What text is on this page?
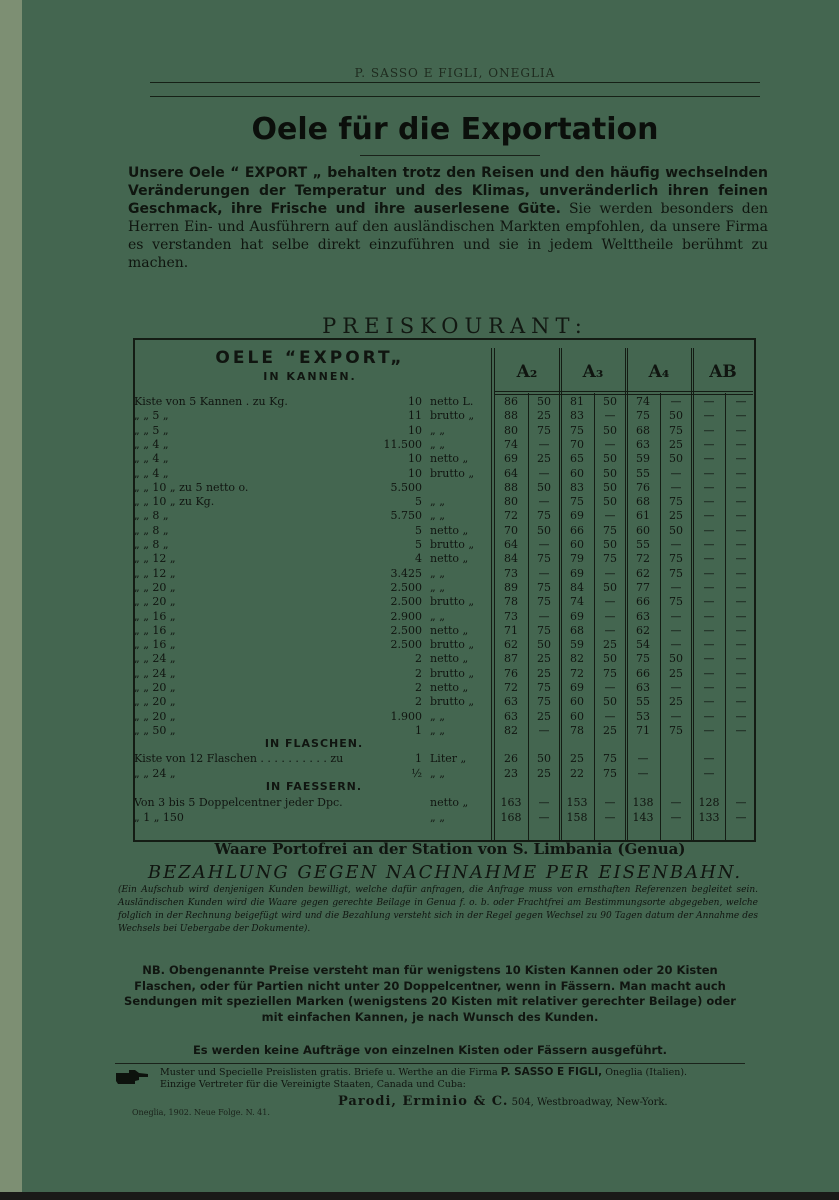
P. SASSO E FIGLI, ONEGLIA
Oele für die Exportation
Unsere Oele “ EXPORT „ behalten trotz den Reisen und den häufig wechselnden Veränderungen der Temperatur und des Klimas, unveränderlich ihren feinen Geschmack, ihre Frische und ihre auserlesene Güte. Sie werden besonders den Herren Ein- und Ausführern auf den ausländischen Markten empfohlen, da unsere Firma es verstanden hat selbe direkt einzuführen und sie in jedem Welttheile berühmt zu machen.
PREISKOURANT:
OELE “EXPORT„
IN KANNEN.	A₂	A₃	A₄	AB
Kiste von 5 Kannen . zu Kg.	10 netto L.	86	50	81	50	74	—	—	—
„ „ 5 „	11 brutto „	88	25	83	—	75	50	—	—
„ „ 5 „	10 „ „	80	75	75	50	68	75	—	—
„ „ 4 „	11.500 „ „	74	—	70	—	63	25	—	—
„ „ 4 „	10 netto „	69	25	65	50	59	50	—	—
„ „ 4 „	10 brutto „	64	—	60	50	55	—	—	—
„ „ 10 „ zu 5 netto o.	5.500	88	50	83	50	76	—	—	—
„ „ 10 „ zu Kg.	5 „ „	80	—	75	50	68	75	—	—
„ „ 8 „	5.750 „ „	72	75	69	—	61	25	—	—
„ „ 8 „	5 netto „	70	50	66	75	60	50	—	—
„ „ 8 „	5 brutto „	64	—	60	50	55	—	—	—
„ „ 12 „	4 netto „	84	75	79	75	72	75	—	—
„ „ 12 „	3.425 „ „	73	—	69	—	62	75	—	—
„ „ 20 „	2.500 „ „	89	75	84	50	77	—	—	—
„ „ 20 „	2.500 brutto „	78	75	74	—	66	75	—	—
„ „ 16 „	2.900 „ „	73	—	69	—	63	—	—	—
„ „ 16 „	2.500 netto „	71	75	68	—	62	—	—	—
„ „ 16 „	2.500 brutto „	62	50	59	25	54	—	—	—
„ „ 24 „	2 netto „	87	25	82	50	75	50	—	—
„ „ 24 „	2 brutto „	76	25	72	75	66	25	—	—
„ „ 20 „	2 netto „	72	75	69	—	63	—	—	—
„ „ 20 „	2 brutto „	63	75	60	50	55	25	—	—
„ „ 20 „	1.900 „ „	63	25	60	—	53	—	—	—
„ „ 50 „	1 „ „	82	—	78	25	71	75	—	—
Kiste von 12 Flaschen . . . . . . . . . . zu	1 Liter „	26	50	25	75	—	—
„ „ 24 „	½ „ „	23	25	22	75	—	—
Von 3 bis 5 Doppelcentner jeder Dpc.	netto „	163	—	153	—	138	—	128	—
„ 1 „ 150	„ „	168	—	158	—	143	—	133	—
IN FLASCHEN.
IN FAESSERN.
Waare Portofrei an der Station von S. Limbania (Genua)
BEZAHLUNG GEGEN NACHNAHME PER EISENBAHN.
(Ein Aufschub wird denjenigen Kunden bewilligt, welche dafür anfragen, die Anfrage muss von ernsthaften Referenzen begleitet sein. Ausländischen Kunden wird die Waare gegen gerechte Beilage in Genua f. o. b. oder Frachtfrei am Bestimmungsorte abgegeben, welche folglich in der Rechnung beigefügt wird und die Bezahlung versteht sich in der Regel gegen Wechsel zu 90 Tagen datum der Annahme des Wechsels bei Uebergabe der Dokumente).
NB. Obengenannte Preise versteht man für wenigstens 10 Kisten Kannen oder 20 Kisten Flaschen, oder für Partien nicht unter 20 Doppelcentner, wenn in Fässern. Man macht auch Sendungen mit speziellen Marken (wenigstens 20 Kisten mit relativer gerechter Beilage) oder mit einfachen Kannen, je nach Wunsch des Kunden.
Es werden keine Aufträge von einzelnen Kisten oder Fässern ausgeführt.
Muster und Specielle Preislisten gratis. Briefe u. Werthe an die Firma P. SASSO E FIGLI, Oneglia (Italien).
Einzige Vertreter für die Vereinigte Staaten, Canada und Cuba:
Parodi, Erminio & C. 504, Westbroadway, New-York.
Oneglia, 1902. Neue Folge. N. 41.
